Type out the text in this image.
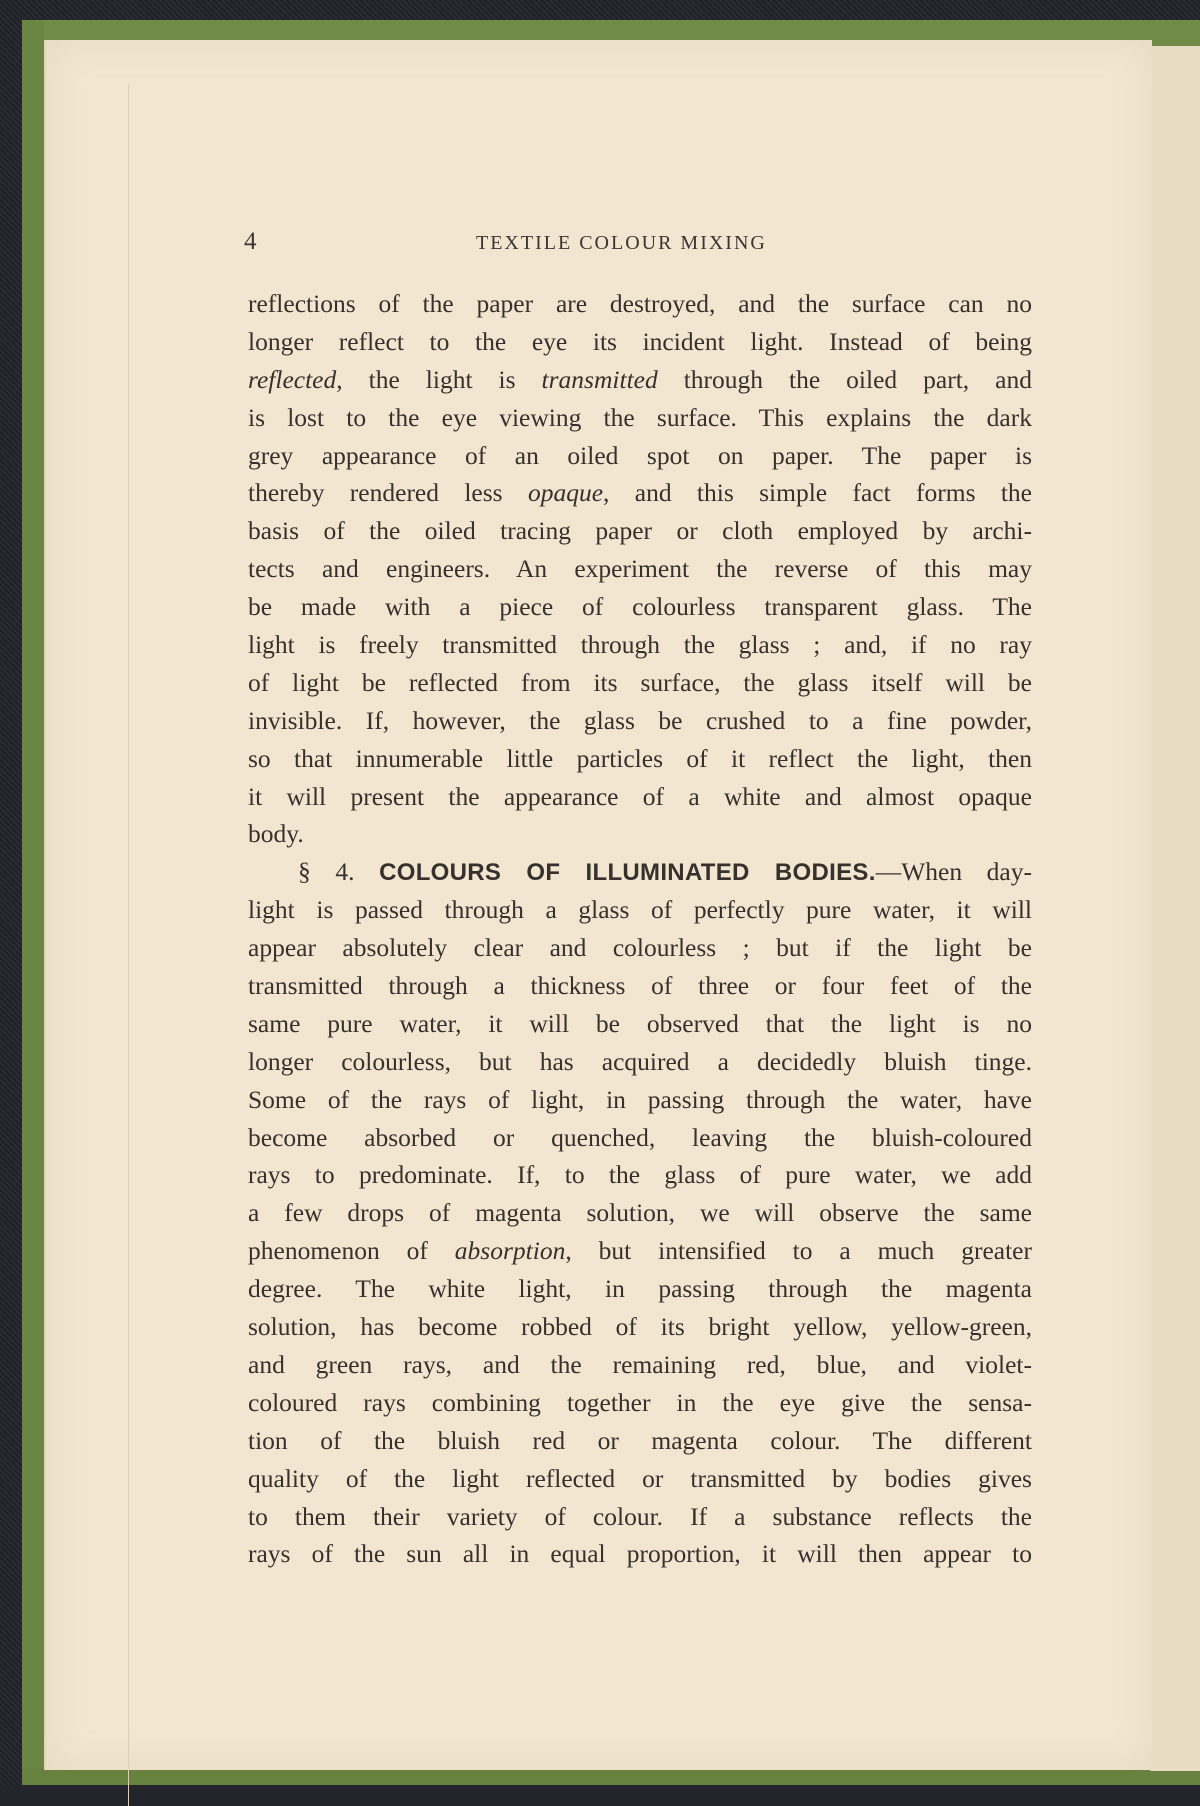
4	TEXTILE COLOUR MIXING
reflections of the paper are destroyed, and the surface can no
longer reflect to the eye its incident light. Instead of being
reflected, the light is transmitted through the oiled part, and
is lost to the eye viewing the surface. This explains the dark
grey appearance of an oiled spot on paper. The paper is
thereby rendered less opaque, and this simple fact forms the
basis of the oiled tracing paper or cloth employed by archi-
tects and engineers. An experiment the reverse of this may
be made with a piece of colourless transparent glass. The
light is freely transmitted through the glass ; and, if no ray
of light be reflected from its surface, the glass itself will be
invisible. If, however, the glass be crushed to a fine powder,
so that innumerable little particles of it reflect the light, then
it will present the appearance of a white and almost opaque
body.
§ 4. COLOURS OF ILLUMINATED BODIES.—When day-
light is passed through a glass of perfectly pure water, it will
appear absolutely clear and colourless ; but if the light be
transmitted through a thickness of three or four feet of the
same pure water, it will be observed that the light is no
longer colourless, but has acquired a decidedly bluish tinge.
Some of the rays of light, in passing through the water, have
become absorbed or quenched, leaving the bluish-coloured
rays to predominate. If, to the glass of pure water, we add
a few drops of magenta solution, we will observe the same
phenomenon of absorption, but intensified to a much greater
degree. The white light, in passing through the magenta
solution, has become robbed of its bright yellow, yellow-green,
and green rays, and the remaining red, blue, and violet-
coloured rays combining together in the eye give the sensa-
tion of the bluish red or magenta colour. The different
quality of the light reflected or transmitted by bodies gives
to them their variety of colour. If a substance reflects the
rays of the sun all in equal proportion, it will then appear to
